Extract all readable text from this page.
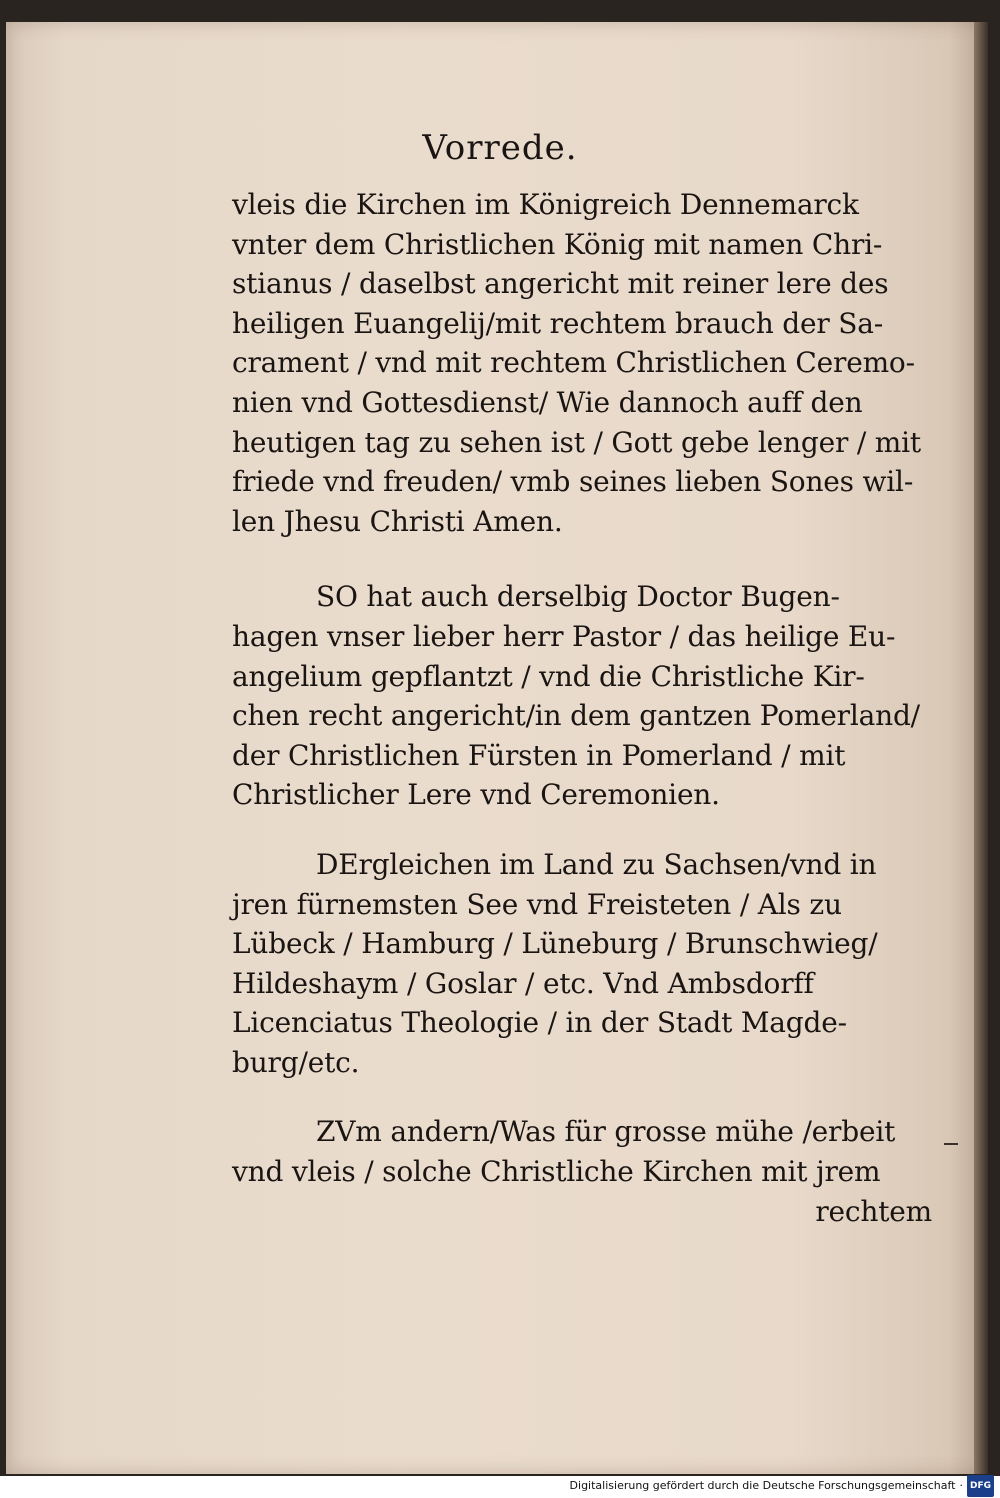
Vorrede.
vleis die Kirchen im Königreich Dennemarck
vnter dem Christlichen König mit namen Chri-
stianus / daselbst angericht mit reiner lere des
heiligen Euangelij/mit rechtem brauch der Sa-
crament / vnd mit rechtem Christlichen Ceremo-
nien vnd Gottesdienst/ Wie dannoch auff den
heutigen tag zu sehen ist / Gott gebe lenger / mit
friede vnd freuden/ vmb seines lieben Sones wil-
len Jhesu Christi Amen.
SO hat auch derselbig Doctor Bugen-
hagen vnser lieber herr Pastor / das heilige Eu-
angelium gepflantzt / vnd die Christliche Kir-
chen recht angericht/in dem gantzen Pomerland/
der Christlichen Fürsten in Pomerland / mit
Christlicher Lere vnd Ceremonien.
DErgleichen im Land zu Sachsen/vnd in
jren fürnemsten See vnd Freisteten / Als zu
Lübeck / Hamburg / Lüneburg / Brunschwieg/
Hildeshaym / Goslar / etc. Vnd Ambsdorff
Licenciatus Theologie / in der Stadt Magde-
burg/etc.
ZVm andern/Was für grosse mühe /erbeit
vnd vleis / solche Christliche Kirchen mit jrem
rechtem
Digitalisierung gefördert durch die Deutsche Forschungsgemeinschaft · DFG
